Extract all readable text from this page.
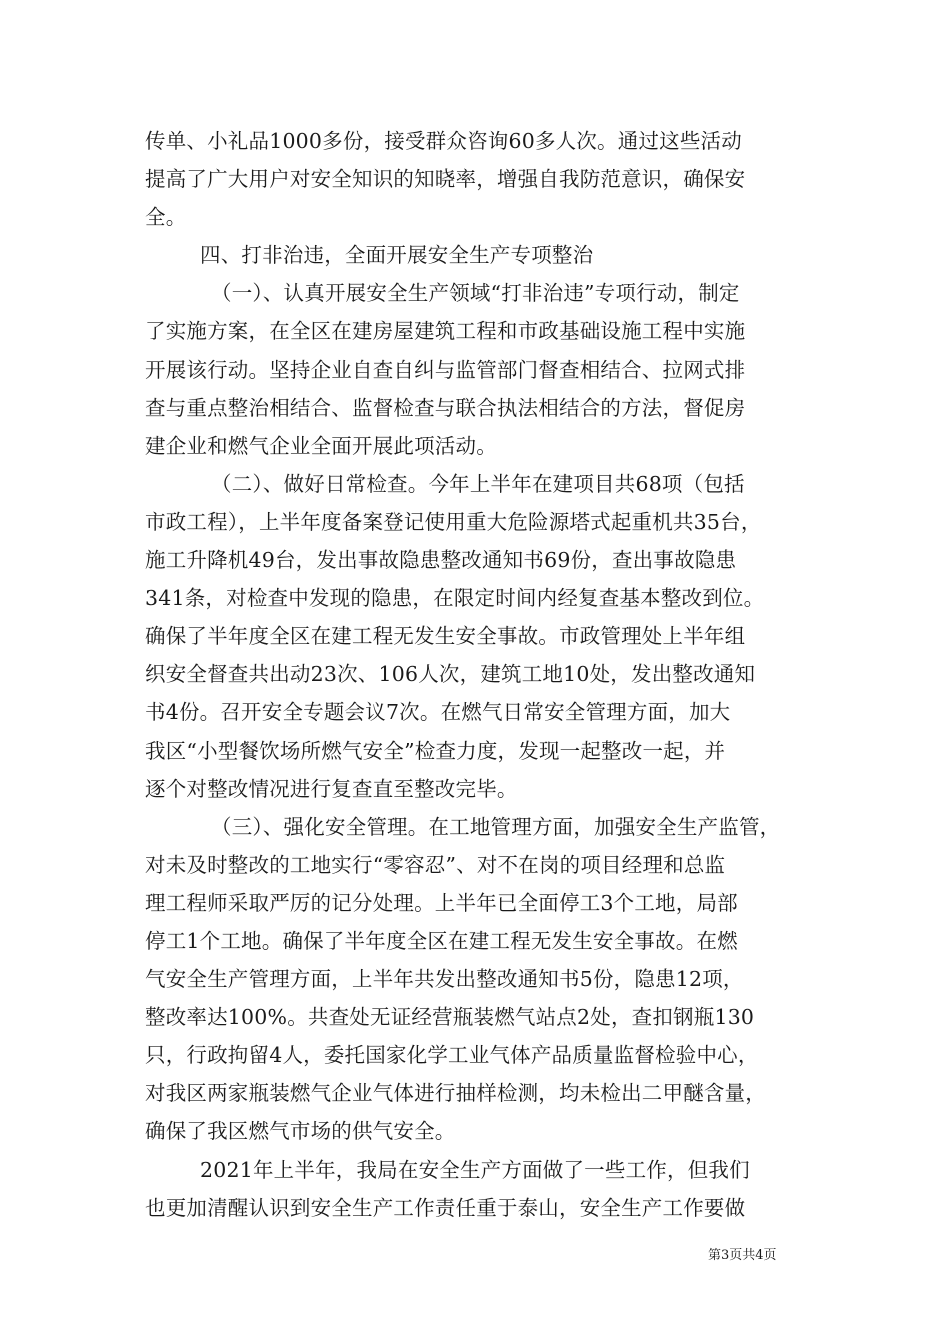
传单、小礼品1000多份，接受群众咨询60多人次。通过这些活动
提高了广大用户对安全知识的知晓率，增强自我防范意识，确保安
全。
四、打非治违，全面开展安全生产专项整治
（一）、认真开展安全生产领域“打非治违”专项行动，制定
了实施方案，在全区在建房屋建筑工程和市政基础设施工程中实施
开展该行动。坚持企业自查自纠与监管部门督查相结合、拉网式排
查与重点整治相结合、监督检查与联合执法相结合的方法，督促房
建企业和燃气企业全面开展此项活动。
（二）、做好日常检查。今年上半年在建项目共68项（包括
市政工程），上半年度备案登记使用重大危险源塔式起重机共35台，
施工升降机49台，发出事故隐患整改通知书69份，查出事故隐患
341条，对检查中发现的隐患，在限定时间内经复查基本整改到位。
确保了半年度全区在建工程无发生安全事故。市政管理处上半年组
织安全督查共出动23次、106人次，建筑工地10处，发出整改通知
书4份。召开安全专题会议7次。在燃气日常安全管理方面，加大
我区“小型餐饮场所燃气安全”检查力度，发现一起整改一起，并
逐个对整改情况进行复查直至整改完毕。
（三）、强化安全管理。在工地管理方面，加强安全生产监管，
对未及时整改的工地实行“零容忍”、对不在岗的项目经理和总监
理工程师采取严厉的记分处理。上半年已全面停工3个工地，局部
停工1个工地。确保了半年度全区在建工程无发生安全事故。在燃
气安全生产管理方面，上半年共发出整改通知书5份，隐患12项，
整改率达100%。共查处无证经营瓶装燃气站点2处，查扣钢瓶130
只，行政拘留4人，委托国家化学工业气体产品质量监督检验中心，
对我区两家瓶装燃气企业气体进行抽样检测，均未检出二甲醚含量，
确保了我区燃气市场的供气安全。
2021年上半年，我局在安全生产方面做了一些工作，但我们
也更加清醒认识到安全生产工作责任重于泰山，安全生产工作要做
第3页共4页
